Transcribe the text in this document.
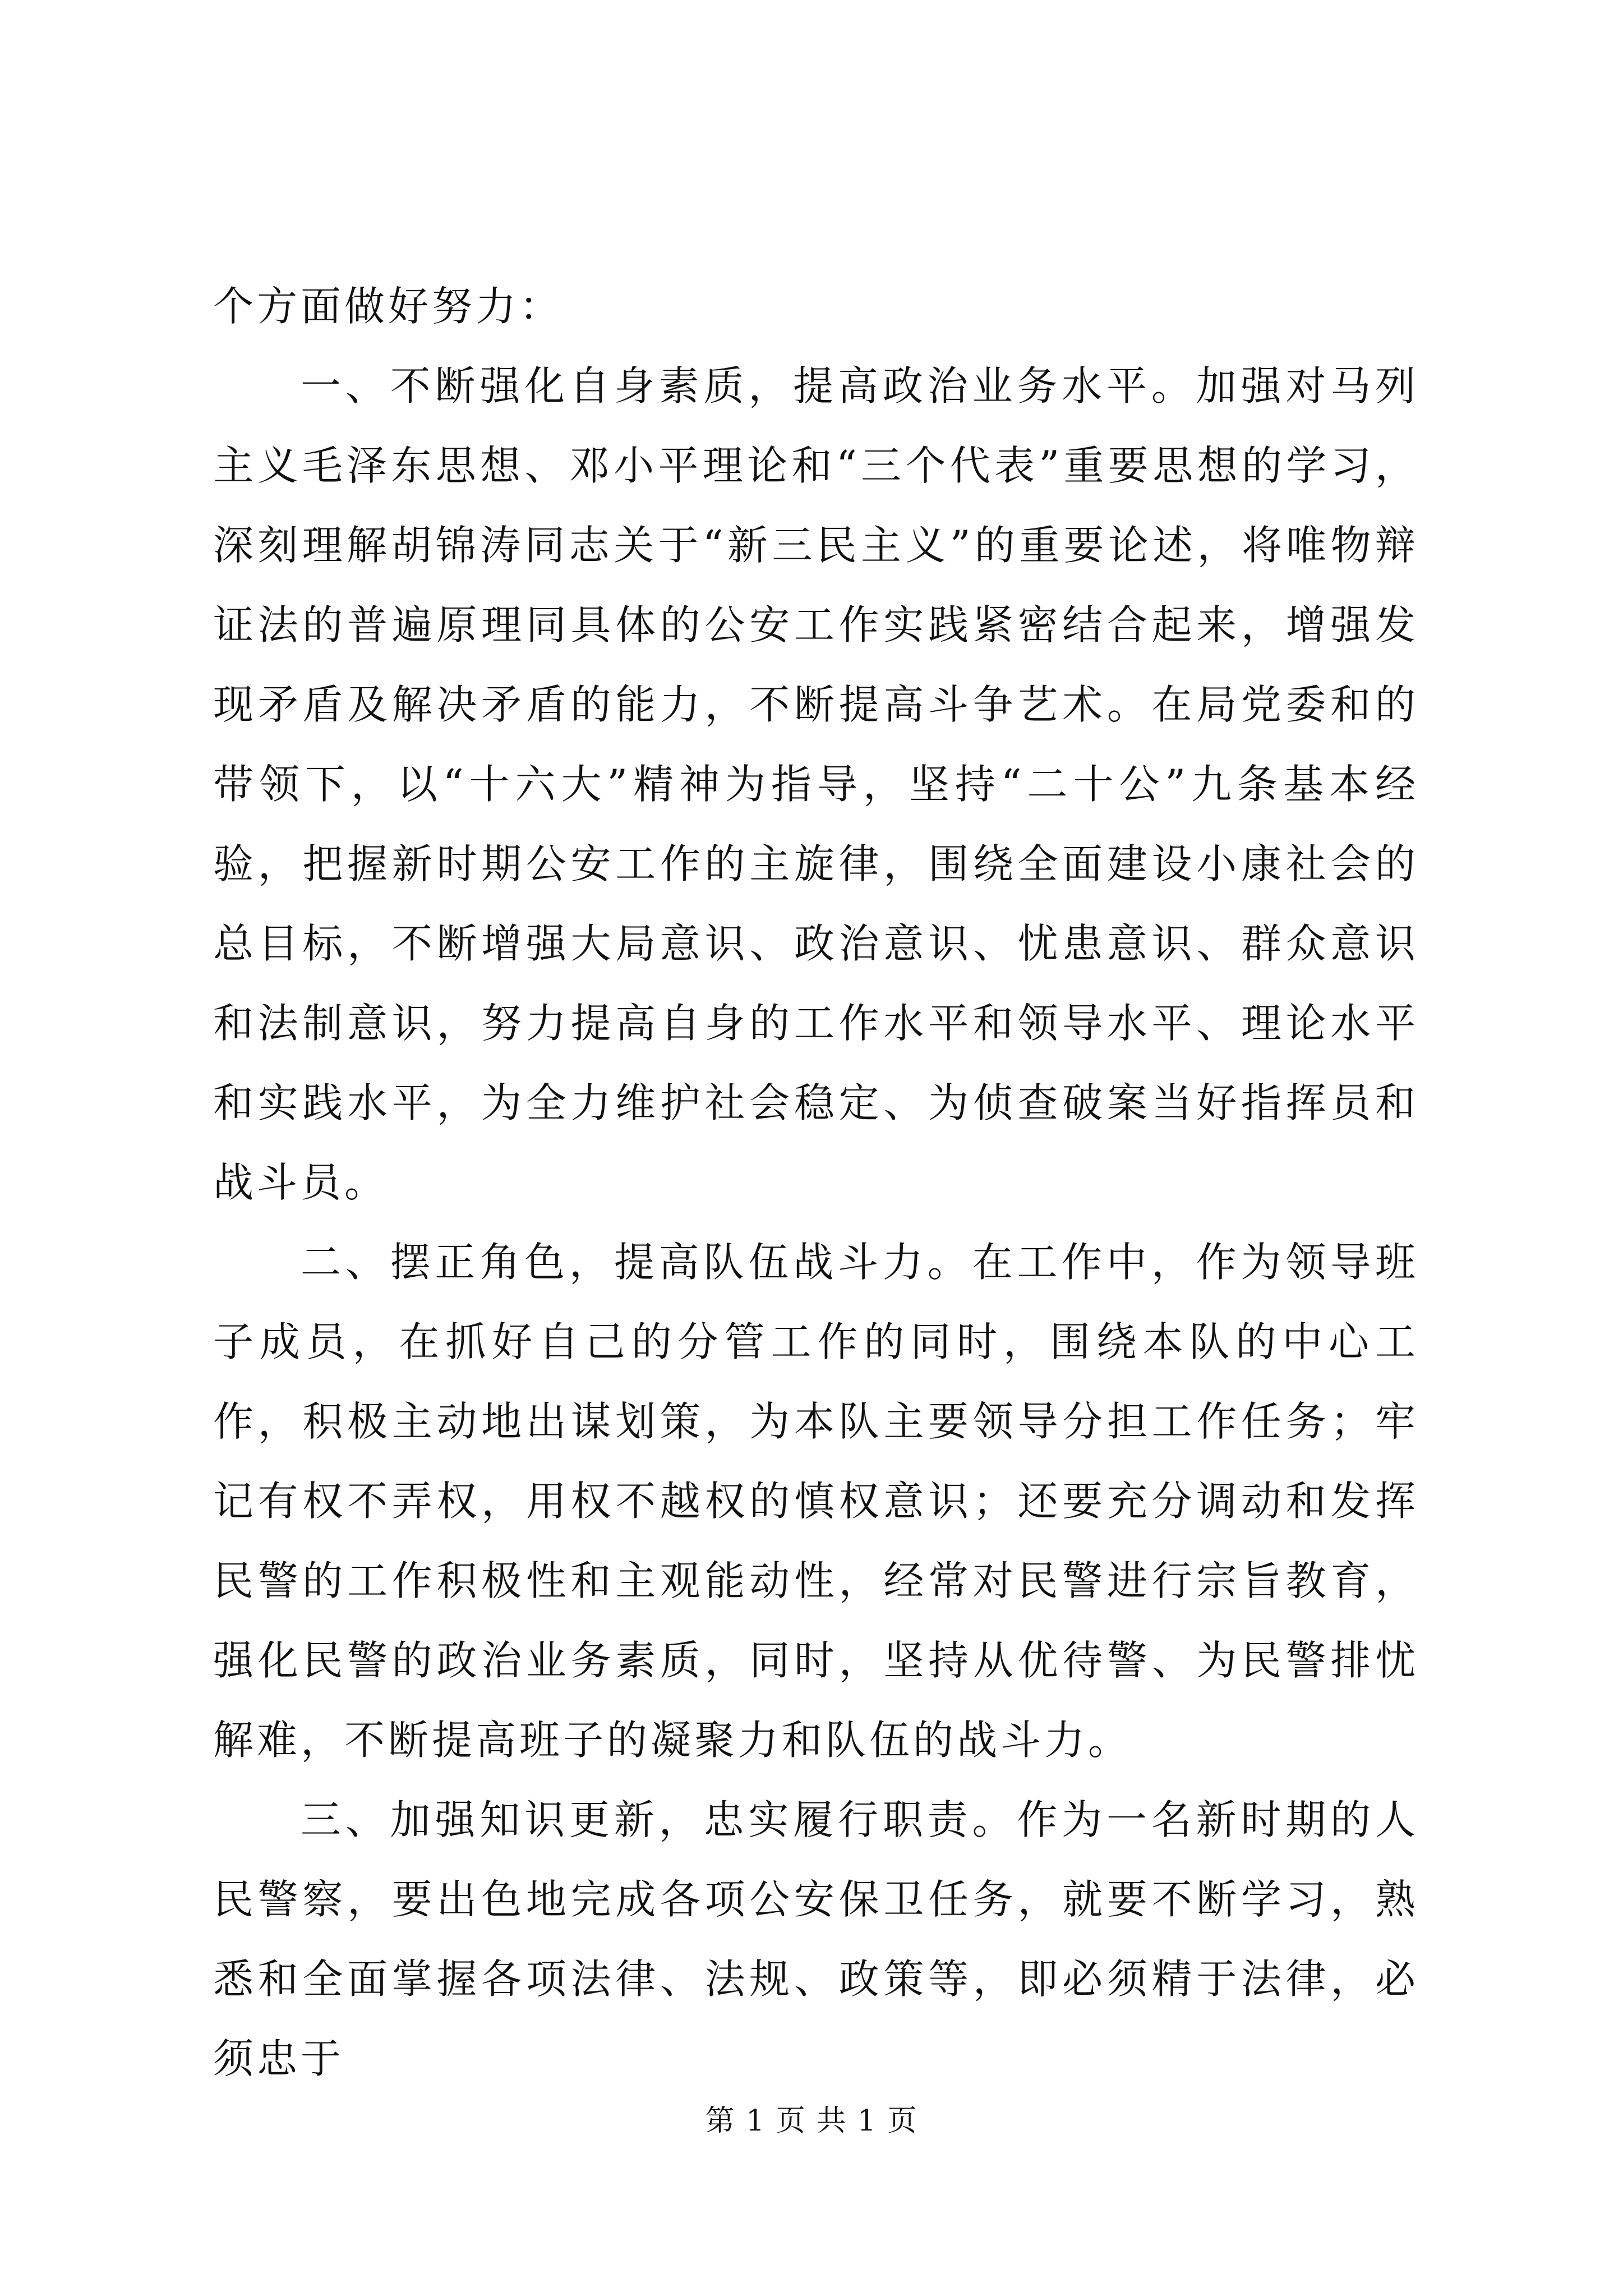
个方面做好努力：

一、不断强化自身素质，提高政治业务水平。加强对马列主义毛泽东思想、邓小平理论和“三个代表”重要思想的学习，深刻理解胡锦涛同志关于“新三民主义”的重要论述，将唯物辩证法的普遍原理同具体的公安工作实践紧密结合起来，增强发现矛盾及解决矛盾的能力，不断提高斗争艺术。在局党委和的带领下，以“十六大”精神为指导，坚持“二十公”九条基本经验，把握新时期公安工作的主旋律，围绕全面建设小康社会的总目标，不断增强大局意识、政治意识、忧患意识、群众意识和法制意识，努力提高自身的工作水平和领导水平、理论水平和实践水平，为全力维护社会稳定、为侦查破案当好指挥员和战斗员。

二、摆正角色，提高队伍战斗力。在工作中，作为领导班子成员，在抓好自己的分管工作的同时，围绕本队的中心工作，积极主动地出谋划策，为本队主要领导分担工作任务；牢记有权不弄权，用权不越权的慎权意识；还要充分调动和发挥民警的工作积极性和主观能动性，经常对民警进行宗旨教育，强化民警的政治业务素质，同时，坚持从优待警、为民警排忧解难，不断提高班子的凝聚力和队伍的战斗力。

三、加强知识更新，忠实履行职责。作为一名新时期的人民警察，要出色地完成各项公安保卫任务，就要不断学习，熟悉和全面掌握各项法律、法规、政策等，即必须精于法律，必须忠于

第 1 页 共 1 页
